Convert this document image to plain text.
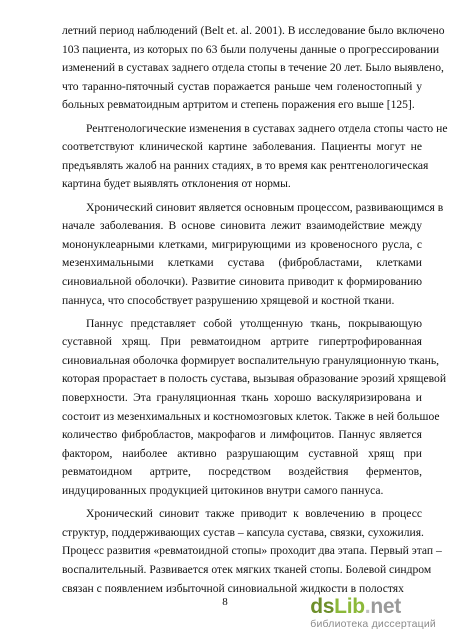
летний период наблюдений (Belt et. al. 2001). В исследование было включено
103 пациента, из которых по 63 были получены данные о прогрессировании
изменений в суставах заднего отдела стопы в течение 20 лет. Было выявлено,
что таранно-пяточный сустав поражается раньше чем голеностопный у
больных ревматоидным артритом и степень поражения его выше [125].
Рентгенологические изменения в суставах заднего отдела стопы часто не
соответствуют клинической картине заболевания. Пациенты могут не
предъявлять жалоб на ранних стадиях, в то время как рентгенологическая
картина будет выявлять отклонения от нормы.
Хронический синовит является основным процессом, развивающимся в
начале заболевания. В основе синовита лежит взаимодействие между
мононуклеарными клетками, мигрирующими из кровеносного русла, с
мезенхимальными клетками сустава (фибробластами, клетками
синовиальной оболочки). Развитие синовита приводит к формированию
паннуса, что способствует разрушению хрящевой и костной ткани.
Паннус представляет собой утолщенную ткань, покрывающую
суставной хрящ. При ревматоидном артрите гипертрофированная
синовиальная оболочка формирует воспалительную грануляционную ткань,
которая прорастает в полость сустава, вызывая образование эрозий хрящевой
поверхности. Эта грануляционная ткань хорошо васкуляризирована и
состоит из мезенхимальных и костномозговых клеток. Также в ней большое
количество фибробластов, макрофагов и лимфоцитов. Паннус является
фактором, наиболее активно разрушающим суставной хрящ при
ревматоидном артрите, посредством воздействия ферментов,
индуцированных продукцией цитокинов внутри самого паннуса.
Хронический синовит также приводит к вовлечению в процесс
структур, поддерживающих сустав – капсула сустава, связки, сухожилия.
Процесс развития «ревматоидной стопы» проходит два этапа. Первый этап –
воспалительный. Развивается отек мягких тканей стопы. Болевой синдром
связан с появлением избыточной синовиальной жидкости в полостях
8	dsLib.net
библиотека диссертаций
